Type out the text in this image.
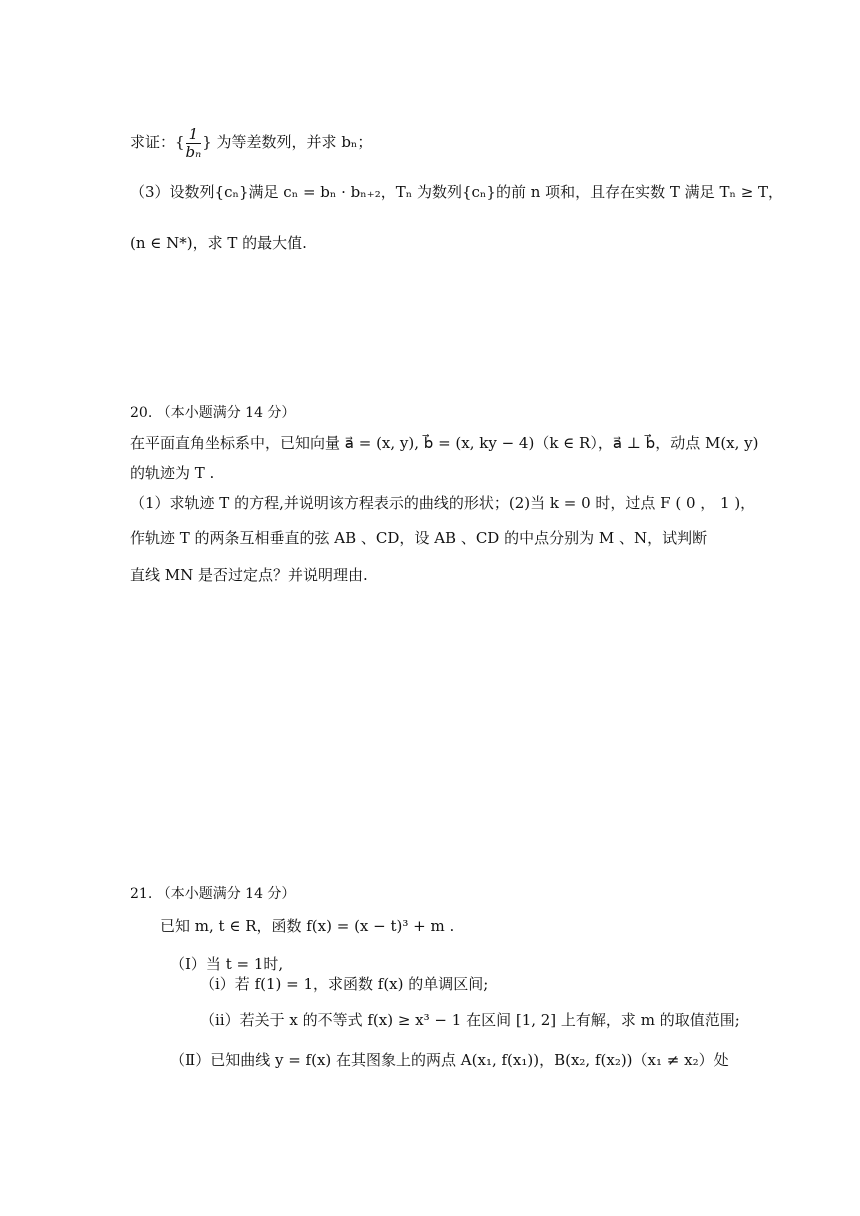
求证：{ $\frac{1}{\text{bₙ}}$ } 为等差数列，并求 bₙ；
（3）设数列{cₙ}满足 cₙ = bₙ · bₙ₊₂，Tₙ 为数列{cₙ}的前 n 项和，且存在实数 T 满足 Tₙ ≥ T，
(n ∈ N*)，求 T 的最大值.
20. （本小题满分 14 分）
在平面直角坐标系中，已知向量 a⃗ = (x, y), b⃗ = (x, ky − 4)（k ∈ R），a⃗ ⊥ b⃗，动点 M(x, y)
的轨迹为 T .
（1）求轨迹 T 的方程,并说明该方程表示的曲线的形状；(2)当 k = 0 时，过点 F ( 0 ， 1 )，
作轨迹 T 的两条互相垂直的弦 AB 、CD，设 AB 、CD 的中点分别为 M 、N，试判断
直线 MN 是否过定点？并说明理由.
21. （本小题满分 14 分）
已知 m, t ∈ R，函数 f(x) = (x − t)³ + m .
（Ⅰ）当 t = 1时,
（ⅰ）若 f(1) = 1，求函数 f(x) 的单调区间;
（ⅱ）若关于 x 的不等式 f(x) ≥ x³ − 1 在区间 [1, 2] 上有解，求 m 的取值范围;
（Ⅱ）已知曲线 y = f(x) 在其图象上的两点 A(x₁, f(x₁))，B(x₂, f(x₂))（x₁ ≠ x₂）处
